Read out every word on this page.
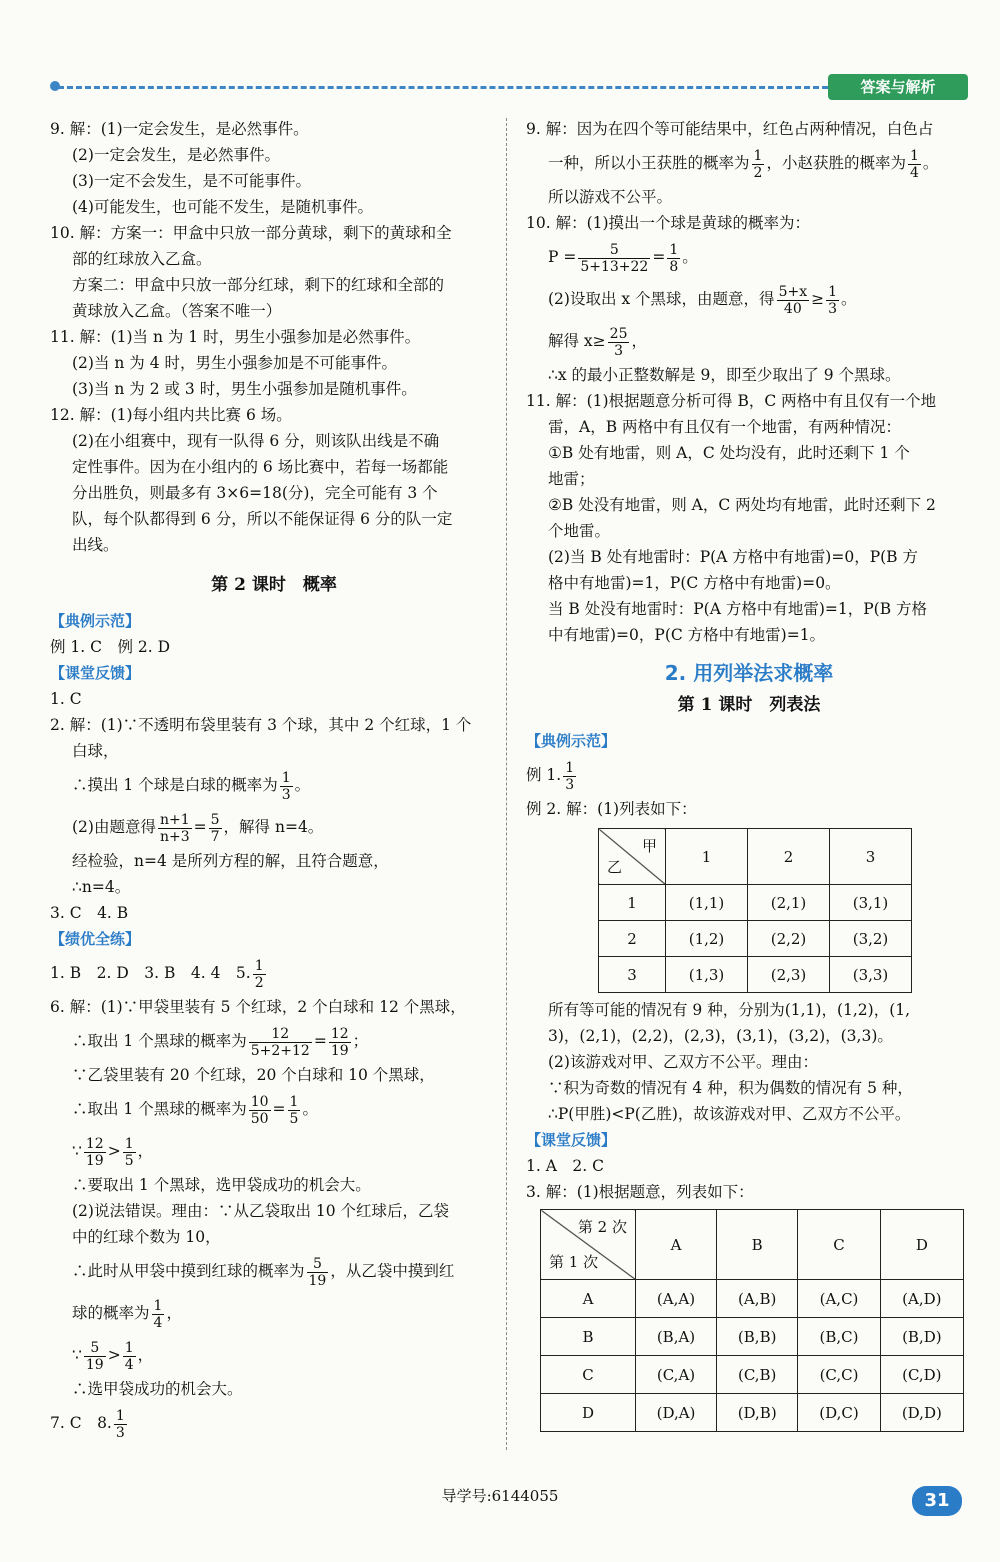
答案与解析
9. 解：(1)一定会发生，是必然事件。
(2)一定会发生，是必然事件。
(3)一定不会发生，是不可能事件。
(4)可能发生，也可能不发生，是随机事件。
10. 解：方案一：甲盒中只放一部分黄球，剩下的黄球和全
部的红球放入乙盒。
方案二：甲盒中只放一部分红球，剩下的红球和全部的
黄球放入乙盒。（答案不唯一）
11. 解：(1)当 n 为 1 时，男生小强参加是必然事件。
(2)当 n 为 4 时，男生小强参加是不可能事件。
(3)当 n 为 2 或 3 时，男生小强参加是随机事件。
12. 解：(1)每小组内共比赛 6 场。
(2)在小组赛中，现有一队得 6 分，则该队出线是不确
定性事件。因为在小组内的 6 场比赛中，若每一场都能
分出胜负，则最多有 3×6=18(分)，完全可能有 3 个
队，每个队都得到 6 分，所以不能保证得 6 分的队一定
出线。
第 2 课时　概率
【典例示范】
例 1. C　例 2. D
【课堂反馈】
1. C
2. 解：(1)∵不透明布袋里装有 3 个球，其中 2 个红球，1 个
白球，
∴摸出 1 个球是白球的概率为 $\frac{1}{3}$ 。
(2)由题意得 $\frac{n+1}{n+3} = \frac{5}{7}$ ，解得 n=4。
经检验，n=4 是所列方程的解，且符合题意，
∴n=4。
3. C　4. B
【绩优全练】
1. B　2. D　3. B　4. 4　5. $\frac{1}{2}$
6. 解：(1)∵甲袋里装有 5 个红球，2 个白球和 12 个黑球，
∴取出 1 个黑球的概率为 $\frac{12}{5+2+12} = \frac{12}{19}$ ；
∵乙袋里装有 20 个红球，20 个白球和 10 个黑球，
∴取出 1 个黑球的概率为 $\frac{10}{50} = \frac{1}{5}$ 。
∵ $\frac{12}{19} > \frac{1}{5}$ ，
∴要取出 1 个黑球，选甲袋成功的机会大。
(2)说法错误。理由：∵从乙袋取出 10 个红球后，乙袋
中的红球个数为 10，
∴此时从甲袋中摸到红球的概率为 $\frac{5}{19}$ ，从乙袋中摸到红
球的概率为 $\frac{1}{4}$ ，
∵ $\frac{5}{19} > \frac{1}{4}$ ，
∴选甲袋成功的机会大。
7. C　8. $\frac{1}{3}$
9. 解：因为在四个等可能结果中，红色占两种情况，白色占
一种，所以小王获胜的概率为 $\frac{1}{2}$ ，小赵获胜的概率为 $\frac{1}{4}$ 。
所以游戏不公平。
10. 解：(1)摸出一个球是黄球的概率为：
$P = \frac{5}{5+13+22} = \frac{1}{8}$ 。
(2)设取出 x 个黑球，由题意，得 $\frac{5+x}{40} \ge \frac{1}{3}$ 。
解得 $x\ge \frac{25}{3}$ ，
∴x 的最小正整数解是 9，即至少取出了 9 个黑球。
11. 解：(1)根据题意分析可得 B，C 两格中有且仅有一个地
雷，A，B 两格中有且仅有一个地雷，有两种情况：
①B 处有地雷，则 A，C 处均没有，此时还剩下 1 个
地雷；
②B 处没有地雷，则 A，C 两处均有地雷，此时还剩下 2
个地雷。
(2)当 B 处有地雷时：P(A 方格中有地雷)=0，P(B 方
格中有地雷)=1，P(C 方格中有地雷)=0。
当 B 处没有地雷时：P(A 方格中有地雷)=1，P(B 方格
中有地雷)=0，P(C 方格中有地雷)=1。
2. 用列举法求概率
第 1 课时　列表法
【典例示范】
例 1. $\frac{1}{3}$
例 2. 解：(1)列表如下：
甲
乙	1	2	3
1	(1,1)	(2,1)	(3,1)
2	(1,2)	(2,2)	(3,2)
3	(1,3)	(2,3)	(3,3)
所有等可能的情况有 9 种，分别为(1,1)，(1,2)，(1,
3)，(2,1)，(2,2)，(2,3)，(3,1)，(3,2)，(3,3)。
(2)该游戏对甲、乙双方不公平。理由：
∵积为奇数的情况有 4 种，积为偶数的情况有 5 种，
∴P(甲胜)<P(乙胜)，故该游戏对甲、乙双方不公平。
【课堂反馈】
1. A　2. C
3. 解：(1)根据题意，列表如下：
第 2 次
第 1 次	A	B	C	D
A	(A,A)	(A,B)	(A,C)	(A,D)
B	(B,A)	(B,B)	(B,C)	(B,D)
C	(C,A)	(C,B)	(C,C)	(C,D)
D	(D,A)	(D,B)	(D,C)	(D,D)
导学号:6144055	31
